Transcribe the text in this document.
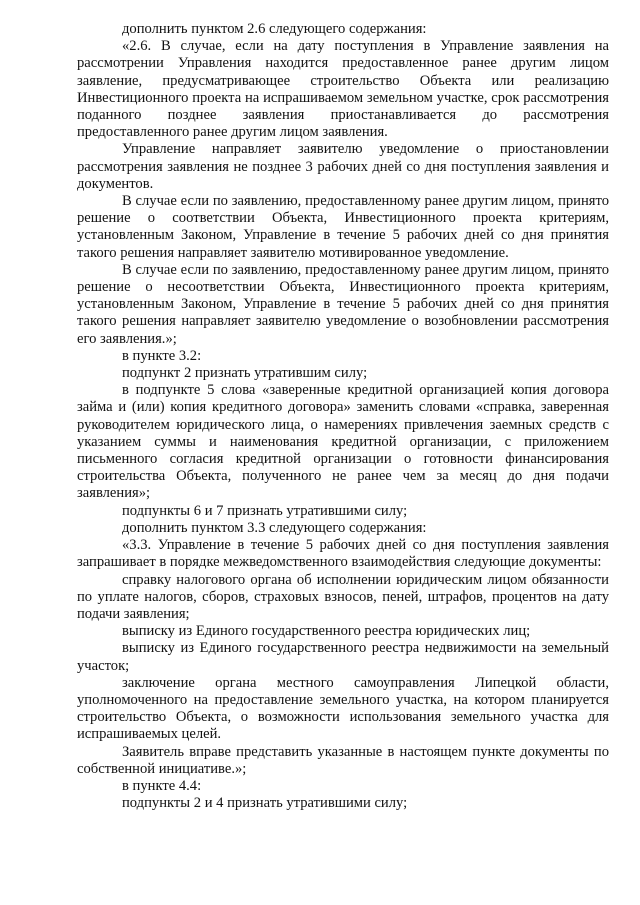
дополнить пунктом 2.6 следующего содержания:

«2.6. В случае, если на дату поступления в Управление заявления на рассмотрении Управления находится предоставленное ранее другим лицом заявление, предусматривающее строительство Объекта или реализацию Инвестиционного проекта на испрашиваемом земельном участке, срок рассмотрения поданного позднее заявления приостанавливается до рассмотрения предоставленного ранее другим лицом заявления.

Управление направляет заявителю уведомление о приостановлении рассмотрения заявления не позднее 3 рабочих дней со дня поступления заявления и документов.

В случае если по заявлению, предоставленному ранее другим лицом, принято решение о соответствии Объекта, Инвестиционного проекта критериям, установленным Законом, Управление в течение 5 рабочих дней со дня принятия такого решения направляет заявителю мотивированное уведомление.

В случае если по заявлению, предоставленному ранее другим лицом, принято решение о несоответствии Объекта, Инвестиционного проекта критериям, установленным Законом, Управление в течение 5 рабочих дней со дня принятия такого решения направляет заявителю уведомление о возобновлении рассмотрения его заявления.»;

в пункте 3.2:

подпункт 2 признать утратившим силу;

в подпункте 5 слова «заверенные кредитной организацией копия договора займа и (или) копия кредитного договора» заменить словами «справка, заверенная руководителем юридического лица, о намерениях привлечения заемных средств с указанием суммы и наименования кредитной организации, с приложением письменного согласия кредитной организации о готовности финансирования строительства Объекта, полученного не ранее чем за месяц до дня подачи заявления»;

подпункты 6 и 7 признать утратившими силу;

дополнить пунктом 3.3 следующего содержания:

«3.3. Управление в течение 5 рабочих дней со дня поступления заявления запрашивает в порядке межведомственного взаимодействия следующие документы:

справку налогового органа об исполнении юридическим лицом обязанности по уплате налогов, сборов, страховых взносов, пеней, штрафов, процентов на дату подачи заявления;

выписку из Единого государственного реестра юридических лиц;

выписку из Единого государственного реестра недвижимости на земельный участок;

заключение органа местного самоуправления Липецкой области, уполномоченного на предоставление земельного участка, на котором планируется строительство Объекта, о возможности использования земельного участка для испрашиваемых целей.

Заявитель вправе представить указанные в настоящем пункте документы по собственной инициативе.»;

в пункте 4.4:

подпункты 2 и 4 признать утратившими силу;
